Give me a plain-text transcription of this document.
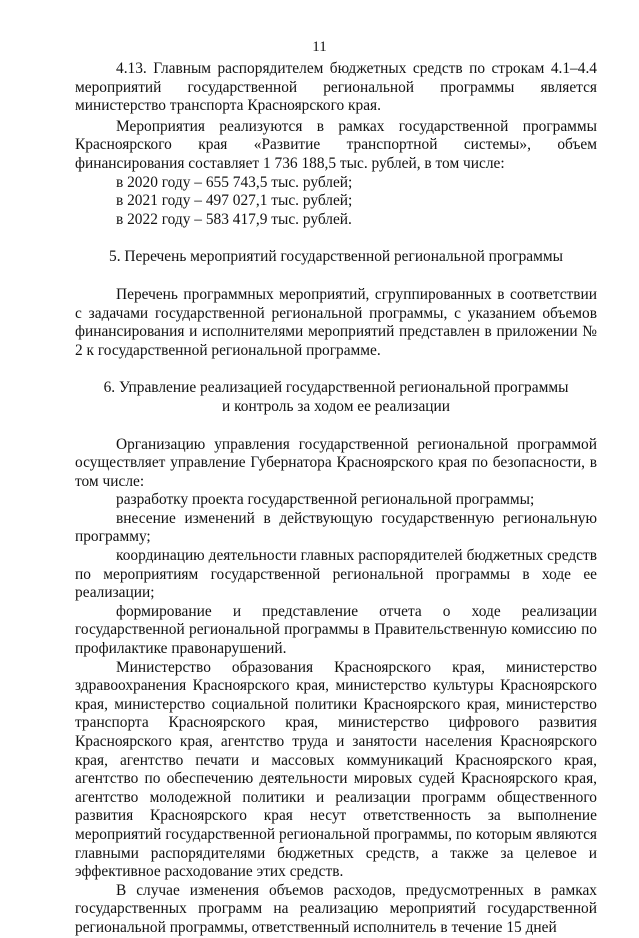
11

4.13. Главным распорядителем бюджетных средств по строкам 4.1–4.4 мероприятий государственной региональной программы является министерство транспорта Красноярского края.

Мероприятия реализуются в рамках государственной программы Красноярского края «Развитие транспортной системы», объем финансирования составляет 1 736 188,5 тыс. рублей, в том числе:

в 2020 году – 655 743,5 тыс. рублей;

в 2021 году – 497 027,1 тыс. рублей;

в 2022 году – 583 417,9 тыс. рублей.

5. Перечень мероприятий государственной региональной программы

Перечень программных мероприятий, сгруппированных в соответствии с задачами государственной региональной программы, с указанием объемов финансирования и исполнителями мероприятий представлен в приложении № 2 к государственной региональной программе.

6. Управление реализацией государственной региональной программы

и контроль за ходом ее реализации

Организацию управления государственной региональной программой осуществляет управление Губернатора Красноярского края по безопасности, в том числе:

разработку проекта государственной региональной программы;

внесение изменений в действующую государственную региональную программу;

координацию деятельности главных распорядителей бюджетных средств по мероприятиям государственной региональной программы в ходе ее реализации;

формирование и представление отчета о ходе реализации государственной региональной программы в Правительственную комиссию по профилактике правонарушений.

Министерство образования Красноярского края, министерство здравоохранения Красноярского края, министерство культуры Красноярского края, министерство социальной политики Красноярского края, министерство транспорта Красноярского края, министерство цифрового развития Красноярского края, агентство труда и занятости населения Красноярского края, агентство печати и массовых коммуникаций Красноярского края, агентство по обеспечению деятельности мировых судей Красноярского края, агентство молодежной политики и реализации программ общественного развития Красноярского края несут ответственность за выполнение мероприятий государственной региональной программы, по которым являются главными распорядителями бюджетных средств, а также за целевое и эффективное расходование этих средств.

В случае изменения объемов расходов, предусмотренных в рамках государственных программ на реализацию мероприятий государственной региональной программы, ответственный исполнитель в течение 15 дней
